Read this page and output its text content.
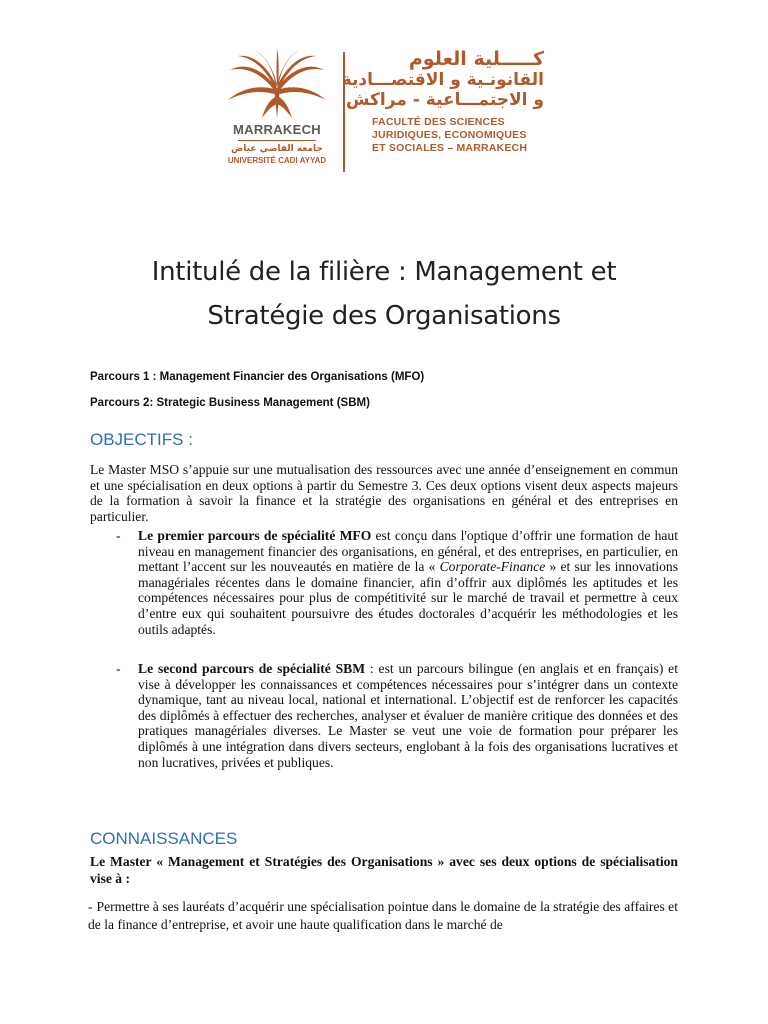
MARRAKECH
جامعة القاضي عياض
UNIVERSITÉ CADI AYYAD
كـــــلية العلوم
القانونـية و الاقتصـــادية
و الاجتمـــاعية - مراكش
FACULTÉ DES SCIENCES
JURIDIQUES, ECONOMIQUES
ET SOCIALES – MARRAKECH
Intitulé de la filière : Management et
Stratégie des Organisations
Parcours 1 : Management Financier des Organisations (MFO)
Parcours 2: Strategic Business Management (SBM)
OBJECTIFS :
Le Master MSO s’appuie sur une mutualisation des ressources avec une année d’enseignement en commun et une spécialisation en deux options à partir du Semestre 3. Ces deux options visent deux aspects majeurs de la formation à savoir la finance et la stratégie des organisations en général et des entreprises en particulier.
- Le premier parcours de spécialité MFO est conçu dans l'optique d’offrir une formation de haut niveau en management financier des organisations, en général, et des entreprises, en particulier, en mettant l’accent sur les nouveautés en matière de la « Corporate-Finance » et sur les innovations managériales récentes dans le domaine financier, afin d’offrir aux diplômés les aptitudes et les compétences nécessaires pour plus de compétitivité sur le marché de travail et permettre à ceux d’entre eux qui souhaitent poursuivre des études doctorales d’acquérir les méthodologies et les outils adaptés.
- Le second parcours de spécialité SBM : est un parcours bilingue (en anglais et en français) et vise à développer les connaissances et compétences nécessaires pour s’intégrer dans un contexte dynamique, tant au niveau local, national et international. L’objectif est de renforcer les capacités des diplômés à effectuer des recherches, analyser et évaluer de manière critique des données et des pratiques managériales diverses. Le Master se veut une voie de formation pour préparer les diplômés à une intégration dans divers secteurs, englobant à la fois des organisations lucratives et non lucratives, privées et publiques.
CONNAISSANCES
Le Master « Management et Stratégies des Organisations » avec ses deux options de spécialisation vise à :
- Permettre à ses lauréats d’acquérir une spécialisation pointue dans le domaine de la stratégie des affaires et de la finance d’entreprise, et avoir une haute qualification dans le marché de
